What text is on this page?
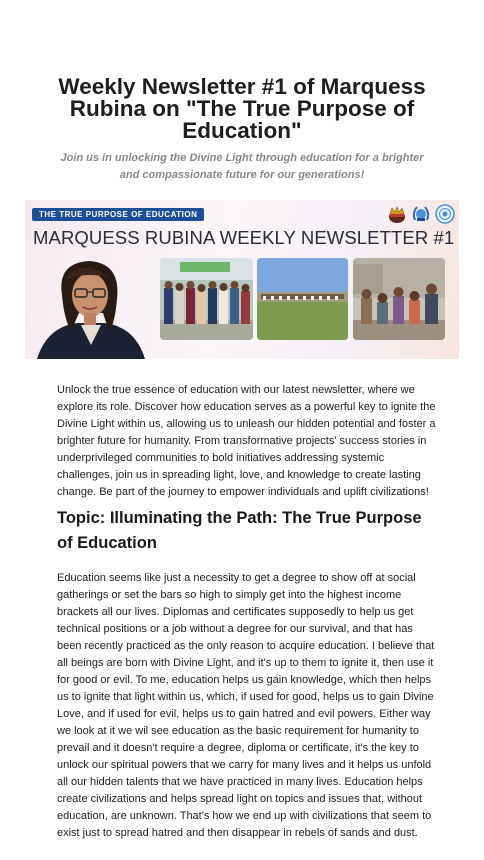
Weekly Newsletter #1 of Marquess Rubina on "The True Purpose of Education"

Join us in unlocking the Divine Light through education for a brighter and compassionate future for our generations!

THE TRUE PURPOSE OF EDUCATION
MARQUESS RUBINA WEEKLY NEWSLETTER #1

Unlock the true essence of education with our latest newsletter, where we explore its role. Discover how education serves as a powerful key to ignite the Divine Light within us, allowing us to unleash our hidden potential and foster a brighter future for humanity. From transformative projects' success stories in underprivileged communities to bold initiatives addressing systemic challenges, join us in spreading light, love, and knowledge to create lasting change. Be part of the journey to empower individuals and uplift civilizations!

Topic: Illuminating the Path: The True Purpose of Education

Education seems like just a necessity to get a degree to show off at social gatherings or set the bars so high to simply get into the highest income brackets all our lives. Diplomas and certificates supposedly to help us get technical positions or a job without a degree for our survival, and that has been recently practiced as the only reason to acquire education. I believe that all beings are born with Divine Light, and it's up to them to ignite it, then use it for good or evil. To me, education helps us gain knowledge, which then helps us to ignite that light within us, which, if used for good, helps us to gain Divine Love, and if used for evil, helps us to gain hatred and evil powers. Either way we look at it we wil see education as the basic requirement for humanity to prevail and it doesn't require a degree, diploma or certificate, it's the key to unlock our spiritual powers that we carry for many lives and it helps us unfold all our hidden talents that we have practiced in many lives. Education helps create civilizations and helps spread light on topics and issues that, without education, are unknown. That's how we end up with civilizations that seem to exist just to spread hatred and then disappear in rebels of sands and dust.
